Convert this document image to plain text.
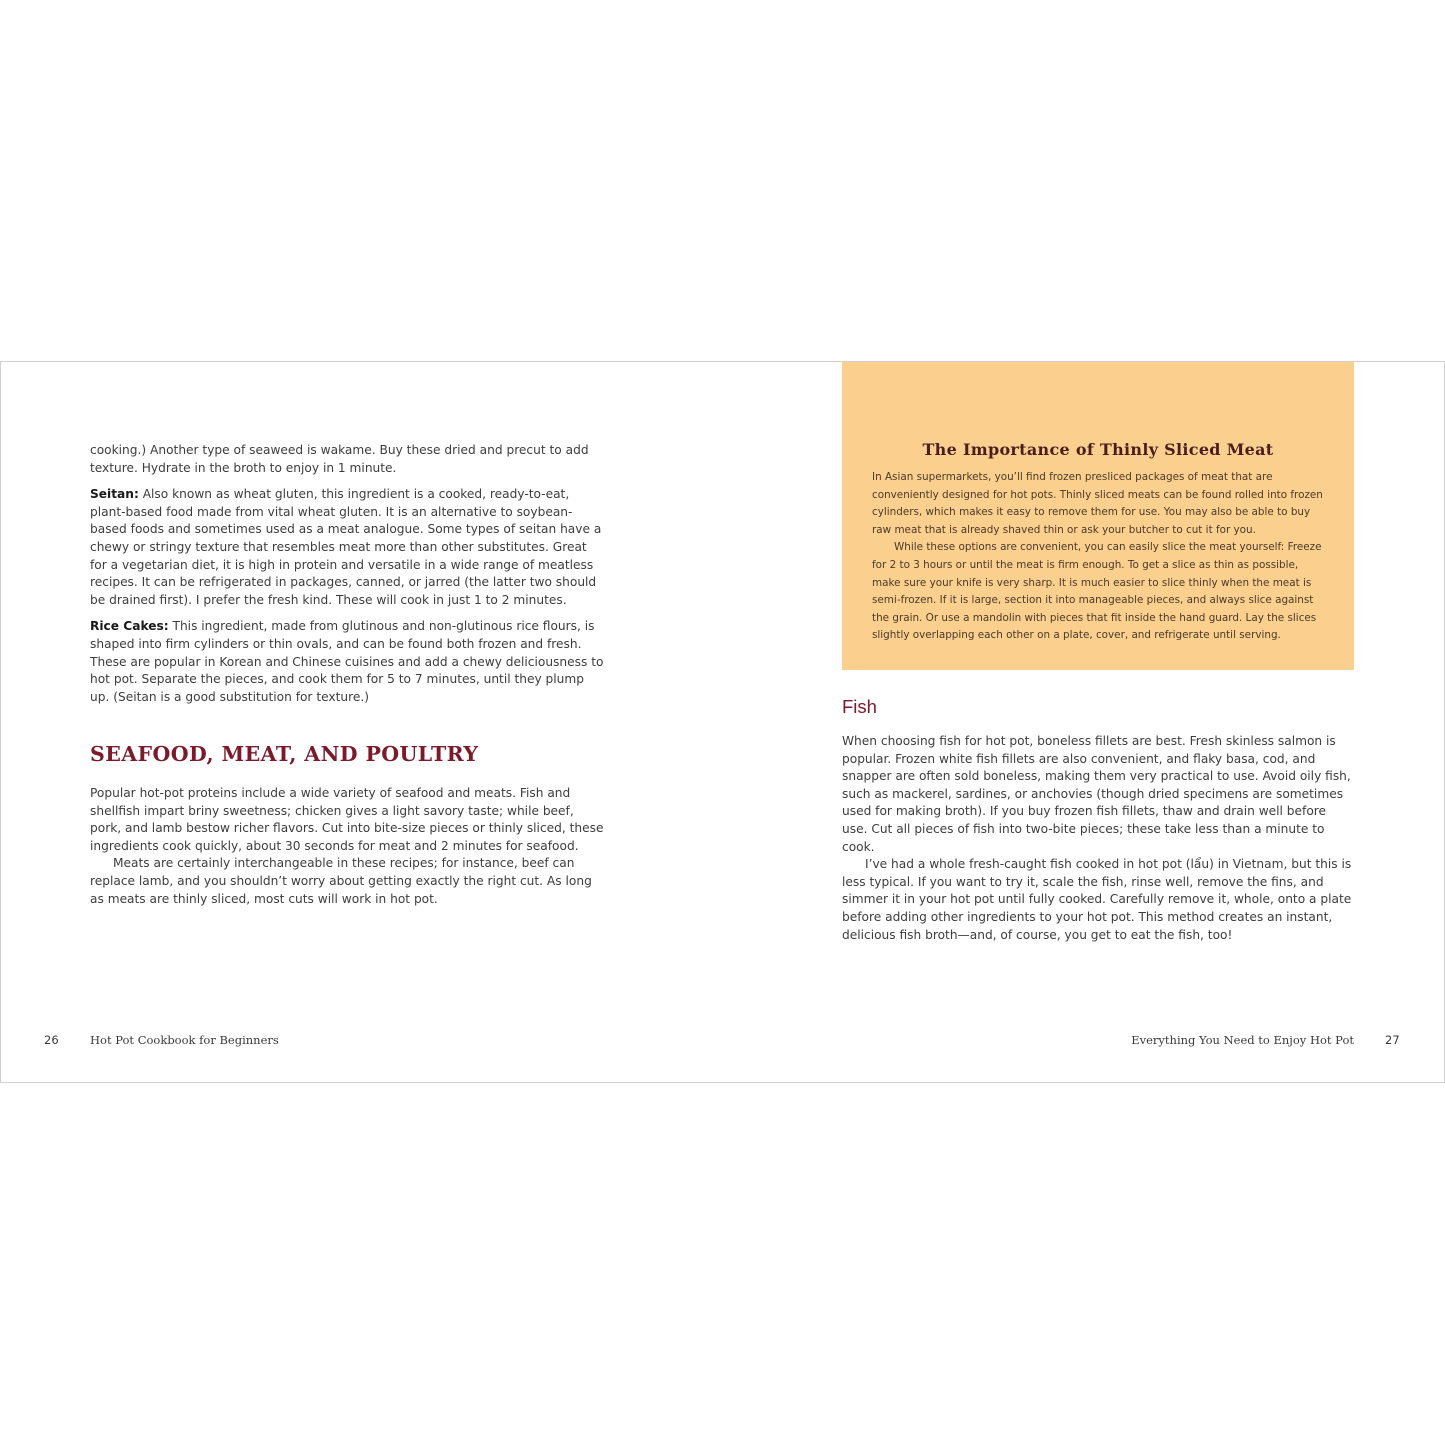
cooking.) Another type of seaweed is wakame. Buy these dried and precut to add texture. Hydrate in the broth to enjoy in 1 minute.

Seitan: Also known as wheat gluten, this ingredient is a cooked, ready-to-eat, plant-based food made from vital wheat gluten. It is an alternative to soybean-based foods and sometimes used as a meat analogue. Some types of seitan have a chewy or stringy texture that resembles meat more than other substitutes. Great for a vegetarian diet, it is high in protein and versatile in a wide range of meatless recipes. It can be refrigerated in packages, canned, or jarred (the latter two should be drained first). I prefer the fresh kind. These will cook in just 1 to 2 minutes.

Rice Cakes: This ingredient, made from glutinous and non-glutinous rice flours, is shaped into firm cylinders or thin ovals, and can be found both frozen and fresh. These are popular in Korean and Chinese cuisines and add a chewy deliciousness to hot pot. Separate the pieces, and cook them for 5 to 7 minutes, until they plump up. (Seitan is a good substitution for texture.)

SEAFOOD, MEAT, AND POULTRY

Popular hot-pot proteins include a wide variety of seafood and meats. Fish and shellfish impart briny sweetness; chicken gives a light savory taste; while beef, pork, and lamb bestow richer flavors. Cut into bite-size pieces or thinly sliced, these ingredients cook quickly, about 30 seconds for meat and 2 minutes for seafood.

Meats are certainly interchangeable in these recipes; for instance, beef can replace lamb, and you shouldn’t worry about getting exactly the right cut. As long as meats are thinly sliced, most cuts will work in hot pot.

26	Hot Pot Cookbook for Beginners
The Importance of Thinly Sliced Meat

In Asian supermarkets, you’ll find frozen presliced packages of meat that are conveniently designed for hot pots. Thinly sliced meats can be found rolled into frozen cylinders, which makes it easy to remove them for use. You may also be able to buy raw meat that is already shaved thin or ask your butcher to cut it for you.

While these options are convenient, you can easily slice the meat yourself: Freeze for 2 to 3 hours or until the meat is firm enough. To get a slice as thin as possible, make sure your knife is very sharp. It is much easier to slice thinly when the meat is semi-frozen. If it is large, section it into manageable pieces, and always slice against the grain. Or use a mandolin with pieces that fit inside the hand guard. Lay the slices slightly overlapping each other on a plate, cover, and refrigerate until serving.

Fish

When choosing fish for hot pot, boneless fillets are best. Fresh skinless salmon is popular. Frozen white fish fillets are also convenient, and flaky basa, cod, and snapper are often sold boneless, making them very practical to use. Avoid oily fish, such as mackerel, sardines, or anchovies (though dried specimens are sometimes used for making broth). If you buy frozen fish fillets, thaw and drain well before use. Cut all pieces of fish into two-bite pieces; these take less than a minute to cook.

I’ve had a whole fresh-caught fish cooked in hot pot (lẩu) in Vietnam, but this is less typical. If you want to try it, scale the fish, rinse well, remove the fins, and simmer it in your hot pot until fully cooked. Carefully remove it, whole, onto a plate before adding other ingredients to your hot pot. This method creates an instant, delicious fish broth—and, of course, you get to eat the fish, too!

Everything You Need to Enjoy Hot Pot	27
